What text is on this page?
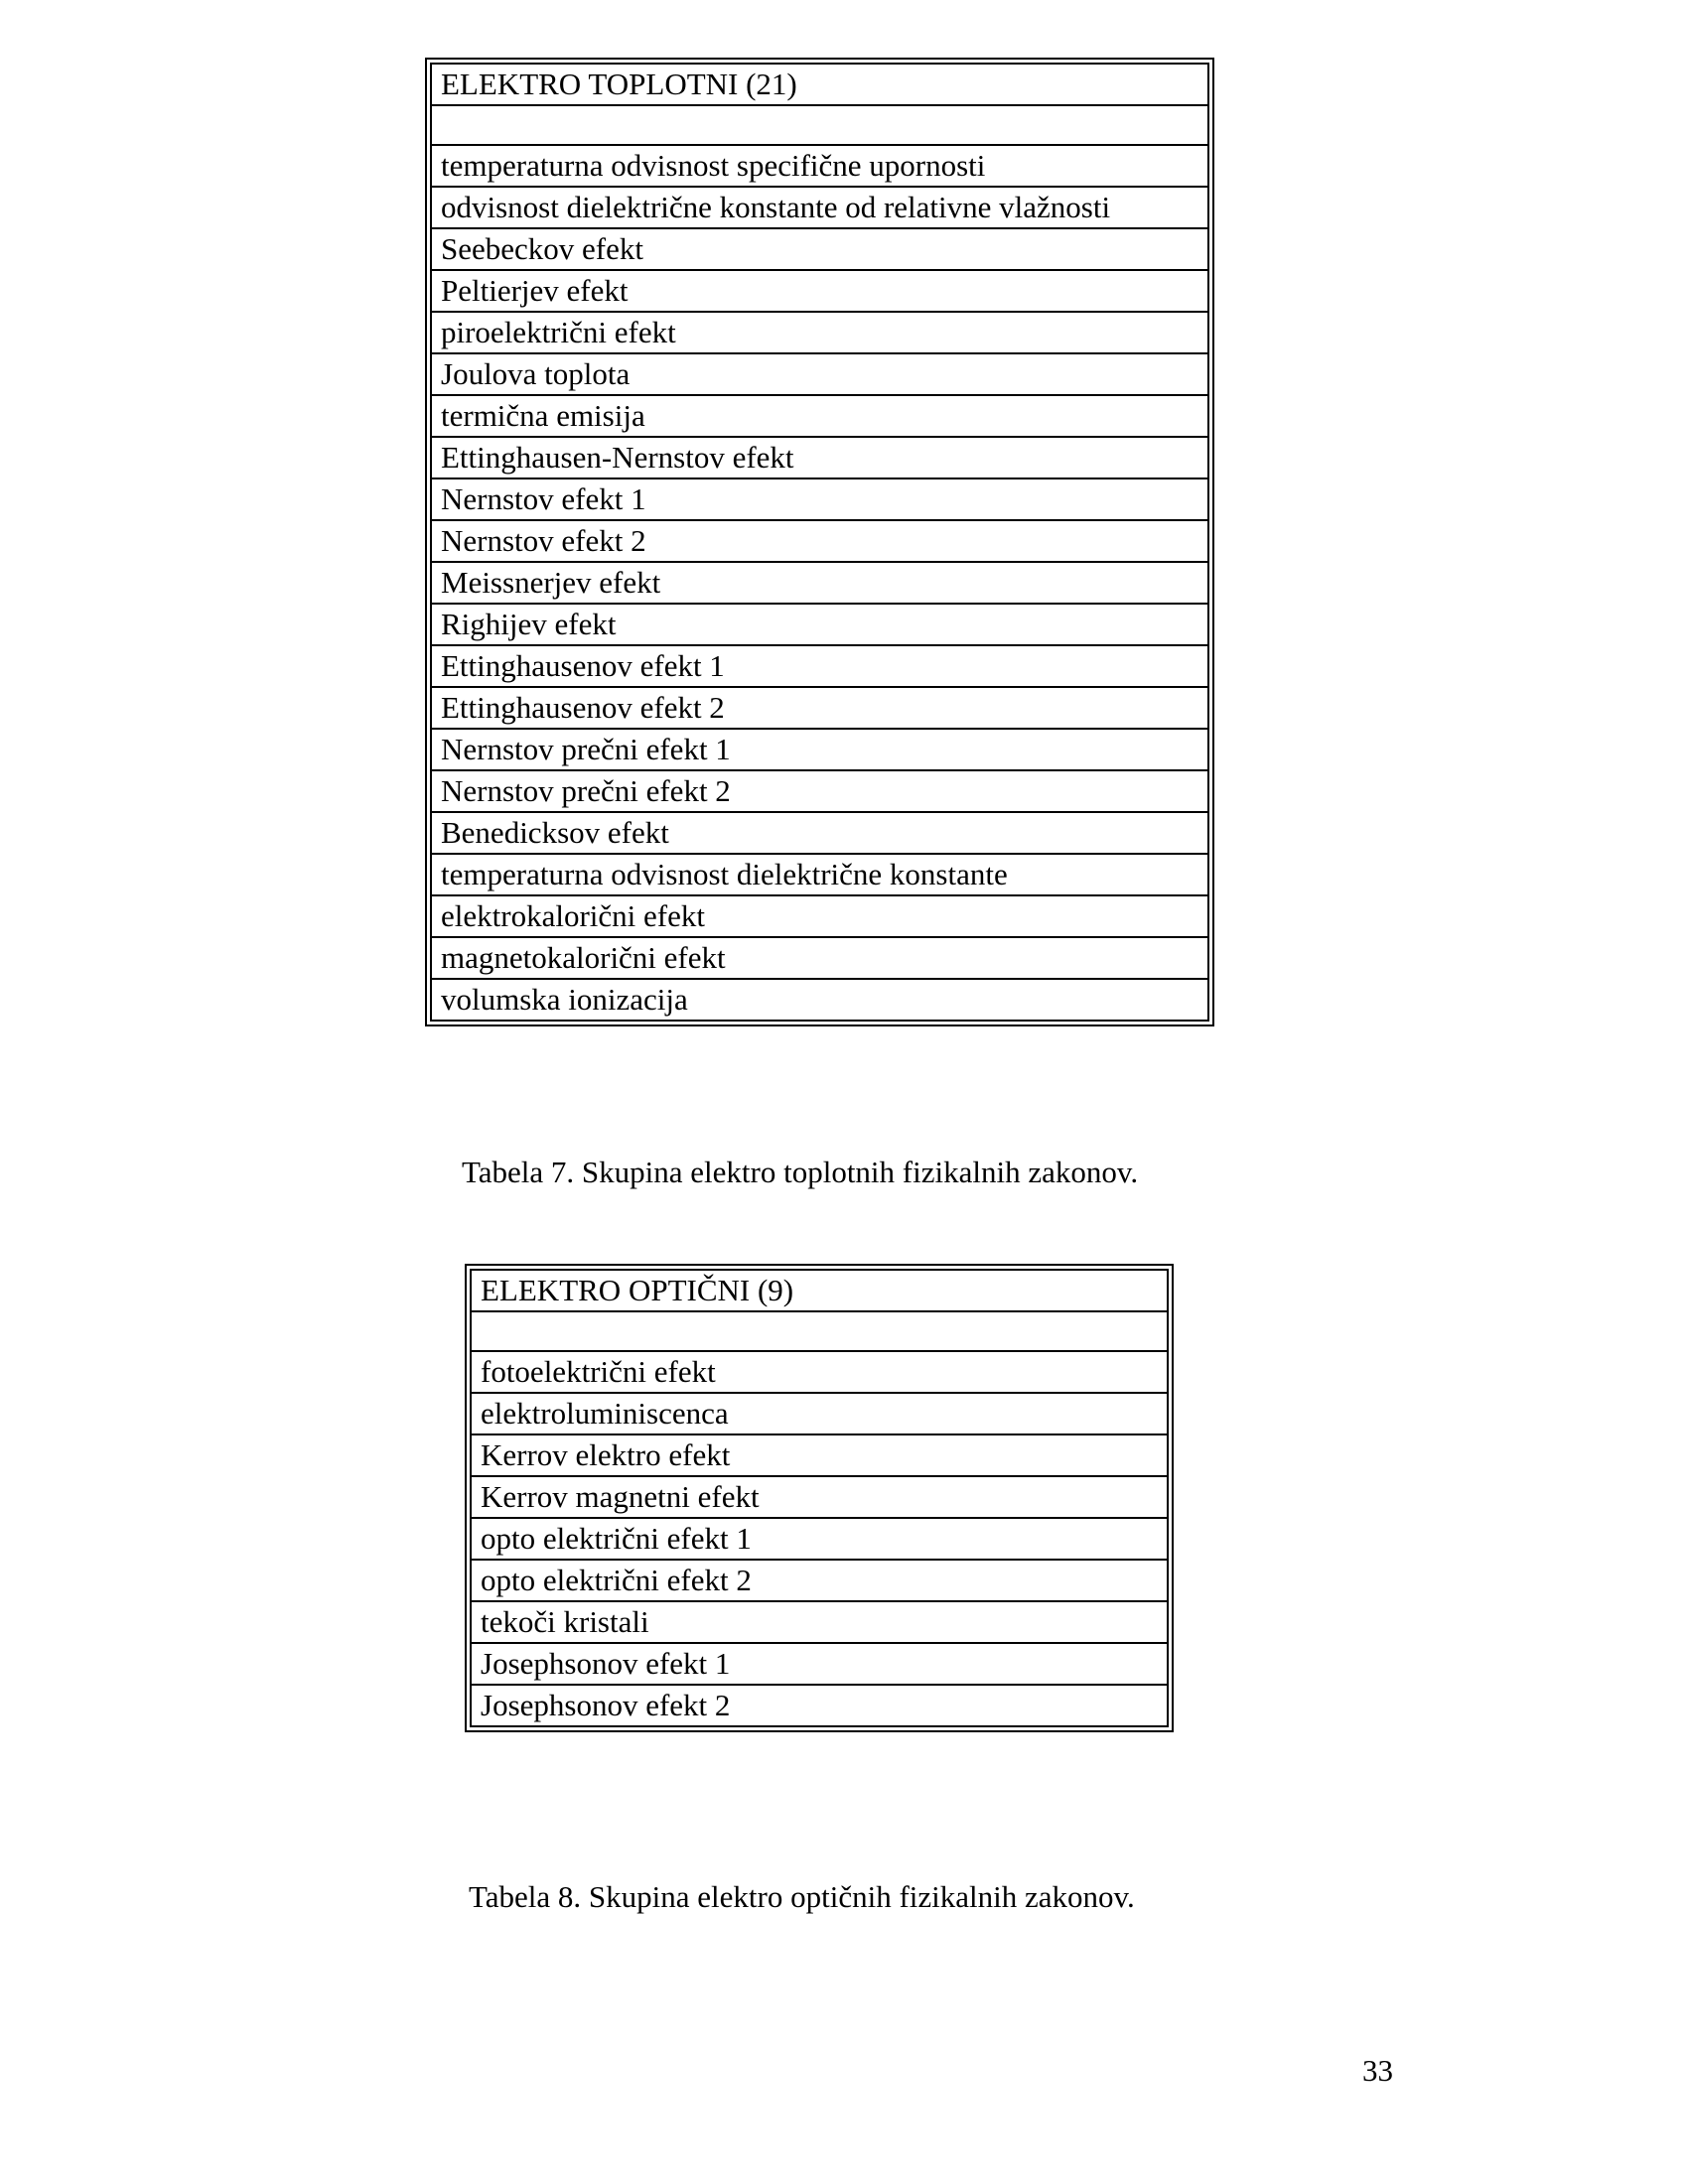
ELEKTRO TOPLOTNI (21)

temperaturna odvisnost specifične upornosti
odvisnost dielektrične konstante od relativne vlažnosti
Seebeckov efekt
Peltierjev efekt
piroelektrični efekt
Joulova toplota
termična emisija
Ettinghausen-Nernstov efekt
Nernstov efekt 1
Nernstov efekt 2
Meissnerjev efekt
Righijev efekt
Ettinghausenov efekt 1
Ettinghausenov efekt 2
Nernstov prečni efekt 1
Nernstov prečni efekt 2
Benedicksov efekt
temperaturna odvisnost dielektrične konstante
elektrokalorični efekt
magnetokalorični efekt
volumska ionizacija
Tabela 7. Skupina elektro toplotnih fizikalnih zakonov.
ELEKTRO OPTIČNI (9)

fotoelektrični efekt
elektroluminiscenca
Kerrov elektro efekt
Kerrov magnetni efekt
opto električni efekt 1
opto električni efekt 2
tekoči kristali
Josephsonov efekt 1
Josephsonov efekt 2
Tabela 8. Skupina elektro optičnih fizikalnih zakonov.
33
